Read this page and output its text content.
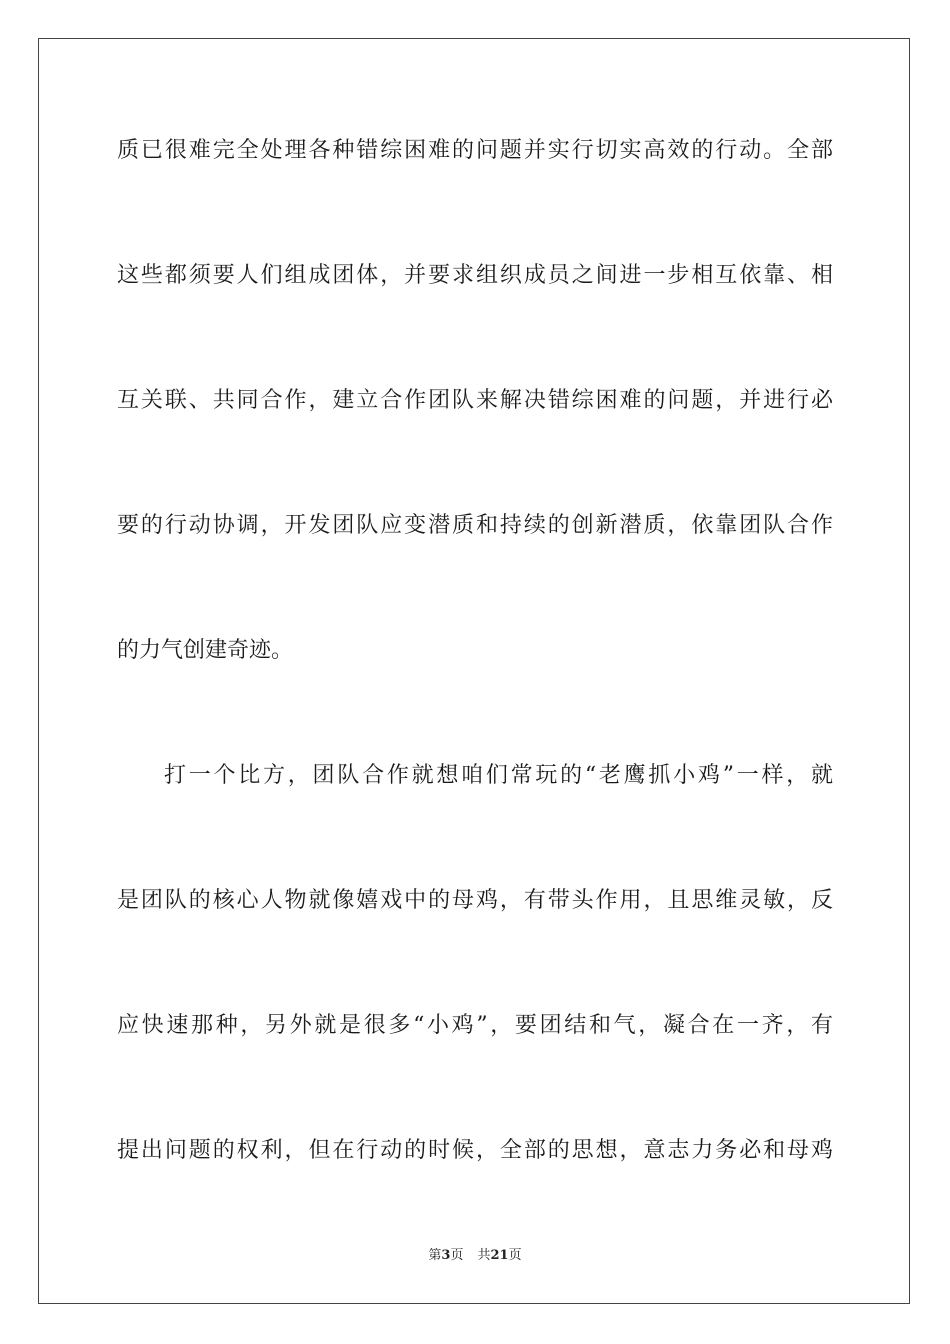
质已很难完全处理各种错综困难的问题并实行切实高效的行动。全部
这些都须要人们组成团体，并要求组织成员之间进一步相互依靠、相
互关联、共同合作，建立合作团队来解决错综困难的问题，并进行必
要的行动协调，开发团队应变潜质和持续的创新潜质，依靠团队合作
的力气创建奇迹。
打一个比方，团队合作就想咱们常玩的“老鹰抓小鸡”一样，就
是团队的核心人物就像嬉戏中的母鸡，有带头作用，且思维灵敏，反
应快速那种，另外就是很多“小鸡”，要团结和气，凝合在一齐，有
提出问题的权利，但在行动的时候，全部的思想，意志力务必和母鸡
第3页 共21页
